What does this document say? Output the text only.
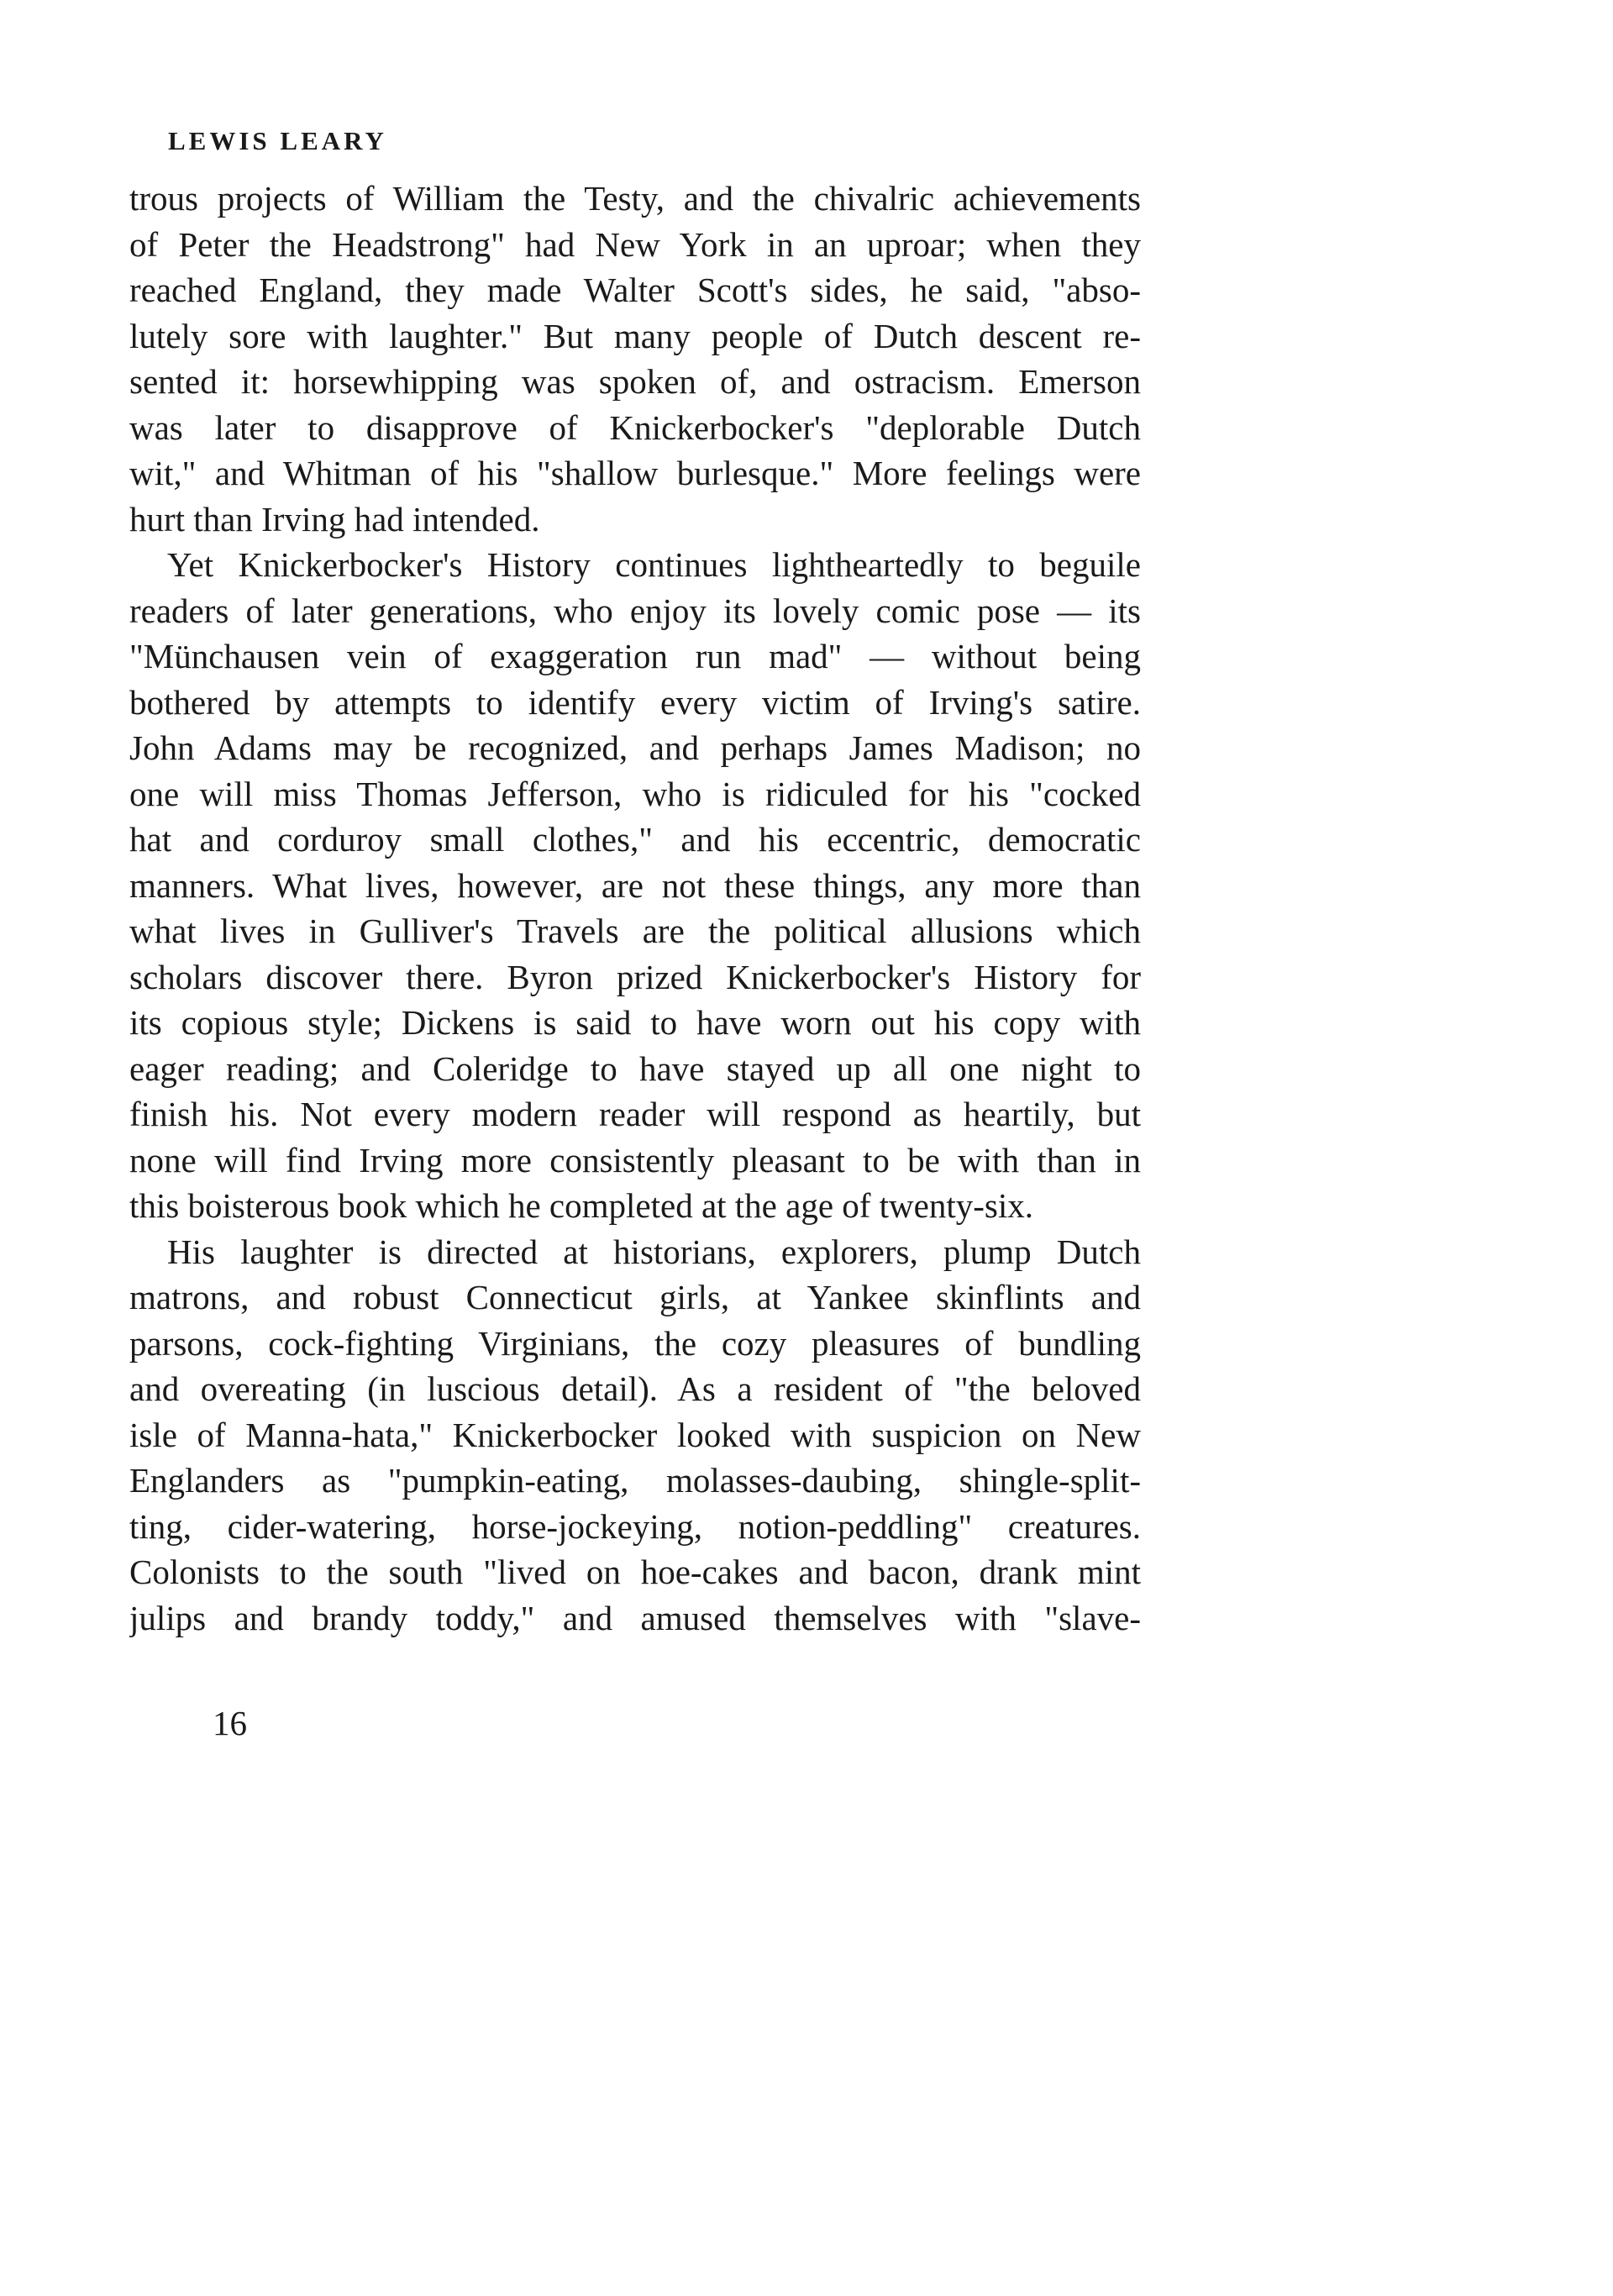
LEWIS LEARY
trous projects of William the Testy, and the chivalric achievements
of Peter the Headstrong" had New York in an uproar; when they
reached England, they made Walter Scott's sides, he said, "abso-
lutely sore with laughter." But many people of Dutch descent re-
sented it: horsewhipping was spoken of, and ostracism. Emerson
was later to disapprove of Knickerbocker's "deplorable Dutch
wit," and Whitman of his "shallow burlesque." More feelings were
hurt than Irving had intended.
Yet Knickerbocker's History continues lightheartedly to beguile
readers of later generations, who enjoy its lovely comic pose — its
"Münchausen vein of exaggeration run mad" — without being
bothered by attempts to identify every victim of Irving's satire.
John Adams may be recognized, and perhaps James Madison; no
one will miss Thomas Jefferson, who is ridiculed for his "cocked
hat and corduroy small clothes," and his eccentric, democratic
manners. What lives, however, are not these things, any more than
what lives in Gulliver's Travels are the political allusions which
scholars discover there. Byron prized Knickerbocker's History for
its copious style; Dickens is said to have worn out his copy with
eager reading; and Coleridge to have stayed up all one night to
finish his. Not every modern reader will respond as heartily, but
none will find Irving more consistently pleasant to be with than in
this boisterous book which he completed at the age of twenty-six.
His laughter is directed at historians, explorers, plump Dutch
matrons, and robust Connecticut girls, at Yankee skinflints and
parsons, cock-fighting Virginians, the cozy pleasures of bundling
and overeating (in luscious detail). As a resident of "the beloved
isle of Manna-hata," Knickerbocker looked with suspicion on New
Englanders as "pumpkin-eating, molasses-daubing, shingle-split-
ting, cider-watering, horse-jockeying, notion-peddling" creatures.
Colonists to the south "lived on hoe-cakes and bacon, drank mint
julips and brandy toddy," and amused themselves with "slave-
16
